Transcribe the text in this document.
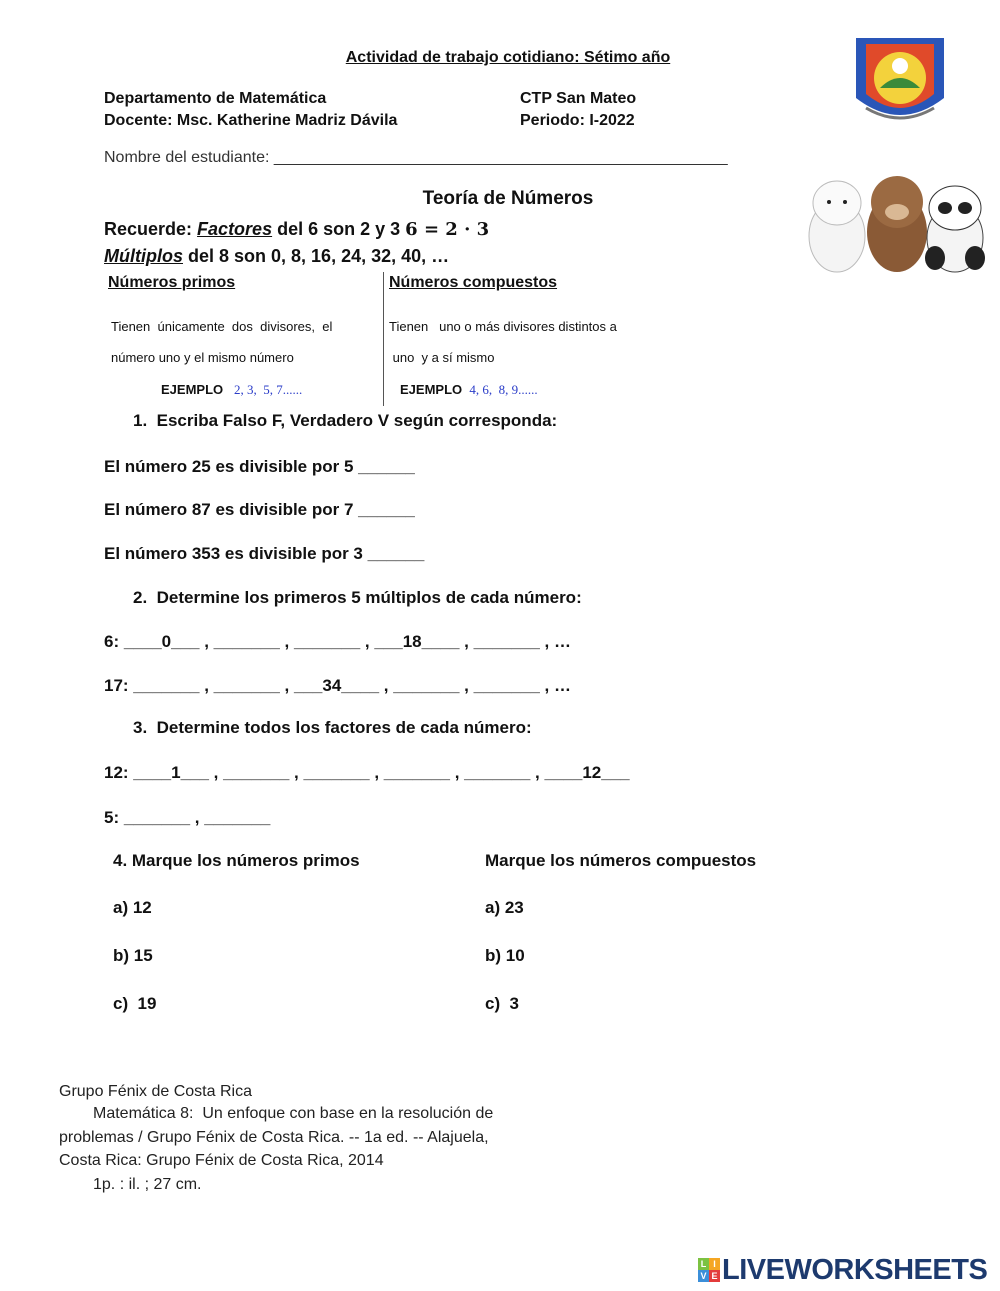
Actividad de trabajo cotidiano: Sétimo año
Departamento de Matemática
Docente: Msc. Katherine Madriz Dávila
CTP San Mateo
Periodo: I-2022
Nombre del estudiante: ___________________________________________________
Teoría de Números
Recuerde: Factores del 6 son 2 y 3 6 = 2 · 3
Múltiplos del 8 son 0, 8, 16, 24, 32, 40, …
Números primos
Tienen  únicamente  dos  divisores,  el
número uno y el mismo número
EJEMPLO 2, 3,  5, 7......
Números compuestos
Tienen   uno o más divisores distintos a
uno  y a sí mismo
EJEMPLO 4, 6,  8, 9......
1.  Escriba Falso F, Verdadero V según corresponda:
El número 25 es divisible por 5 ______
El número 87 es divisible por 7 ______
El número 353 es divisible por 3 ______
2.  Determine los primeros 5 múltiplos de cada número:
6: ____0___ , _______ , _______ , ___18____ , _______ , …
17: _______ , _______ , ___34____ , _______ , _______ , …
3.  Determine todos los factores de cada número:
12: ____1___ , _______ , _______ , _______ , _______ , ____12___
5: _______ , _______
4. Marque los números primos	Marque los números compuestos
a) 12
b) 15
c)  19
a) 23
b) 10
c)  3
Grupo Fénix de Costa Rica
Matemática 8:  Un enfoque con base en la resolución de
problemas / Grupo Fénix de Costa Rica. -- 1a ed. -- Alajuela,
Costa Rica: Grupo Fénix de Costa Rica, 2014
1p. : il. ; 27 cm.
L I
V E LIVEWORKSHEETS
